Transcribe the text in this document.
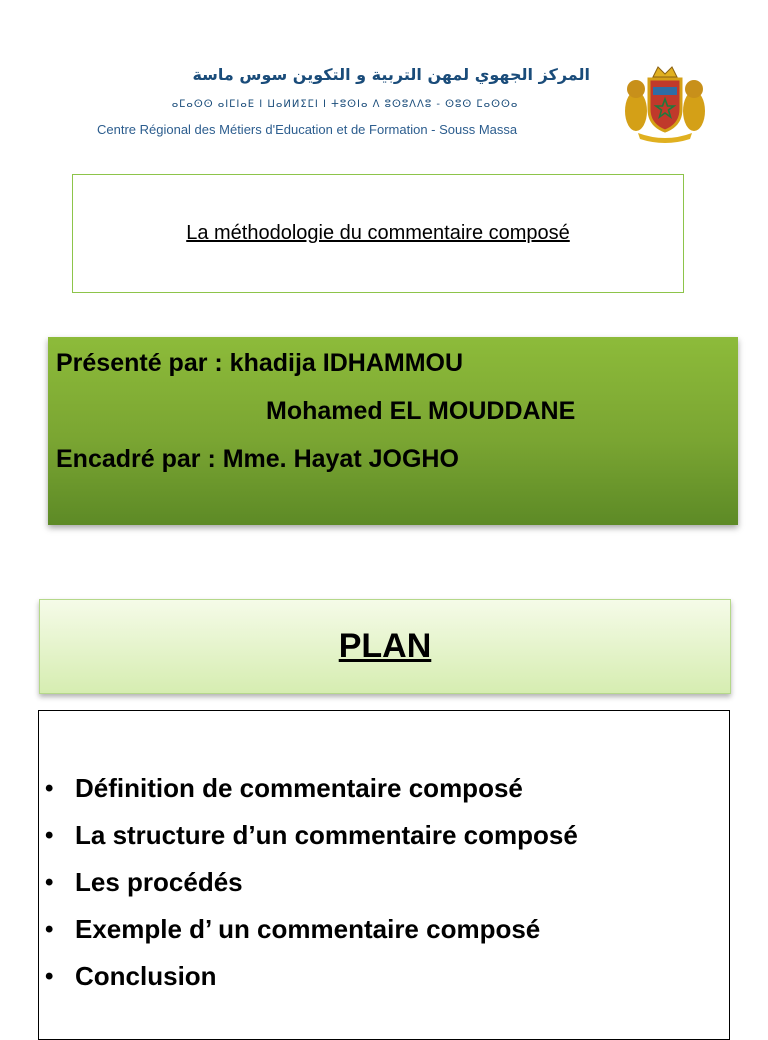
المركز الجهوي لمهن التربية و التكوين سوس ماسة
ⴰⵎⴰⵙⵙ ⴰⵏⵎⵏⴰⴹ ⵏ ⵡⴰⵍⵍⵉⵎⵏ ⵏ ⵜⵓⵙⵏⴰ ⴷ ⵓⵙⵓⴷⴷⵓ - ⵙⵓⵙ ⵎⴰⵙⵙⴰ
Centre Régional des Métiers d'Education et de Formation - Souss Massa
La méthodologie du commentaire composé
Présenté par : khadija IDHAMMOU
Mohamed EL MOUDDANE
Encadré par : Mme. Hayat JOGHO
PLAN
• Définition de commentaire composé
• La structure d’un commentaire composé
• Les procédés
• Exemple d’ un commentaire composé
• Conclusion
